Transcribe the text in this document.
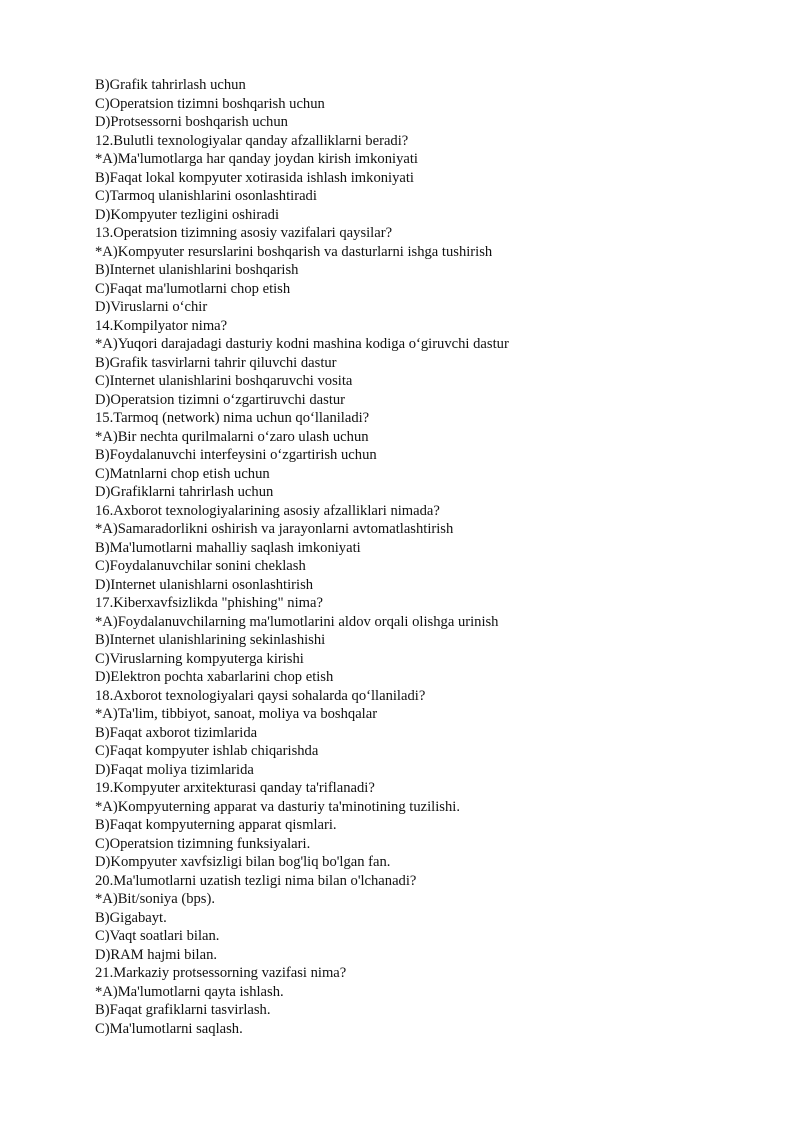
B)Grafik tahrirlash uchun
C)Operatsion tizimni boshqarish uchun
D)Protsessorni boshqarish uchun
12.Bulutli texnologiyalar qanday afzalliklarni beradi?
*A)Ma'lumotlarga har qanday joydan kirish imkoniyati
B)Faqat lokal kompyuter xotirasida ishlash imkoniyati
C)Tarmoq ulanishlarini osonlashtiradi
D)Kompyuter tezligini oshiradi
13.Operatsion tizimning asosiy vazifalari qaysilar?
*A)Kompyuter resurslarini boshqarish va dasturlarni ishga tushirish
B)Internet ulanishlarini boshqarish
C)Faqat ma'lumotlarni chop etish
D)Viruslarni o‘chir
14.Kompilyator nima?
*A)Yuqori darajadagi dasturiy kodni mashina kodiga o‘giruvchi dastur
B)Grafik tasvirlarni tahrir qiluvchi dastur
C)Internet ulanishlarini boshqaruvchi vosita
D)Operatsion tizimni o‘zgartiruvchi dastur
15.Tarmoq (network) nima uchun qo‘llaniladi?
*A)Bir nechta qurilmalarni o‘zaro ulash uchun
B)Foydalanuvchi interfeysini o‘zgartirish uchun
C)Matnlarni chop etish uchun
D)Grafiklarni tahrirlash uchun
16.Axborot texnologiyalarining asosiy afzalliklari nimada?
*A)Samaradorlikni oshirish va jarayonlarni avtomatlashtirish
B)Ma'lumotlarni mahalliy saqlash imkoniyati
C)Foydalanuvchilar sonini cheklash
D)Internet ulanishlarni osonlashtirish
17.Kiberxavfsizlikda "phishing" nima?
*A)Foydalanuvchilarning ma'lumotlarini aldov orqali olishga urinish
B)Internet ulanishlarining sekinlashishi
C)Viruslarning kompyuterga kirishi
D)Elektron pochta xabarlarini chop etish
18.Axborot texnologiyalari qaysi sohalarda qo‘llaniladi?
*A)Ta'lim, tibbiyot, sanoat, moliya va boshqalar
B)Faqat axborot tizimlarida
C)Faqat kompyuter ishlab chiqarishda
D)Faqat moliya tizimlarida
19.Kompyuter arxitekturasi qanday ta'riflanadi?
*A)Kompyuterning apparat va dasturiy ta'minotining tuzilishi.
B)Faqat kompyuterning apparat qismlari.
C)Operatsion tizimning funksiyalari.
D)Kompyuter xavfsizligi bilan bog'liq bo'lgan fan.
20.Ma'lumotlarni uzatish tezligi nima bilan o'lchanadi?
*A)Bit/soniya (bps).
B)Gigabayt.
C)Vaqt soatlari bilan.
D)RAM hajmi bilan.
21.Markaziy protsessorning vazifasi nima?
*A)Ma'lumotlarni qayta ishlash.
B)Faqat grafiklarni tasvirlash.
C)Ma'lumotlarni saqlash.
